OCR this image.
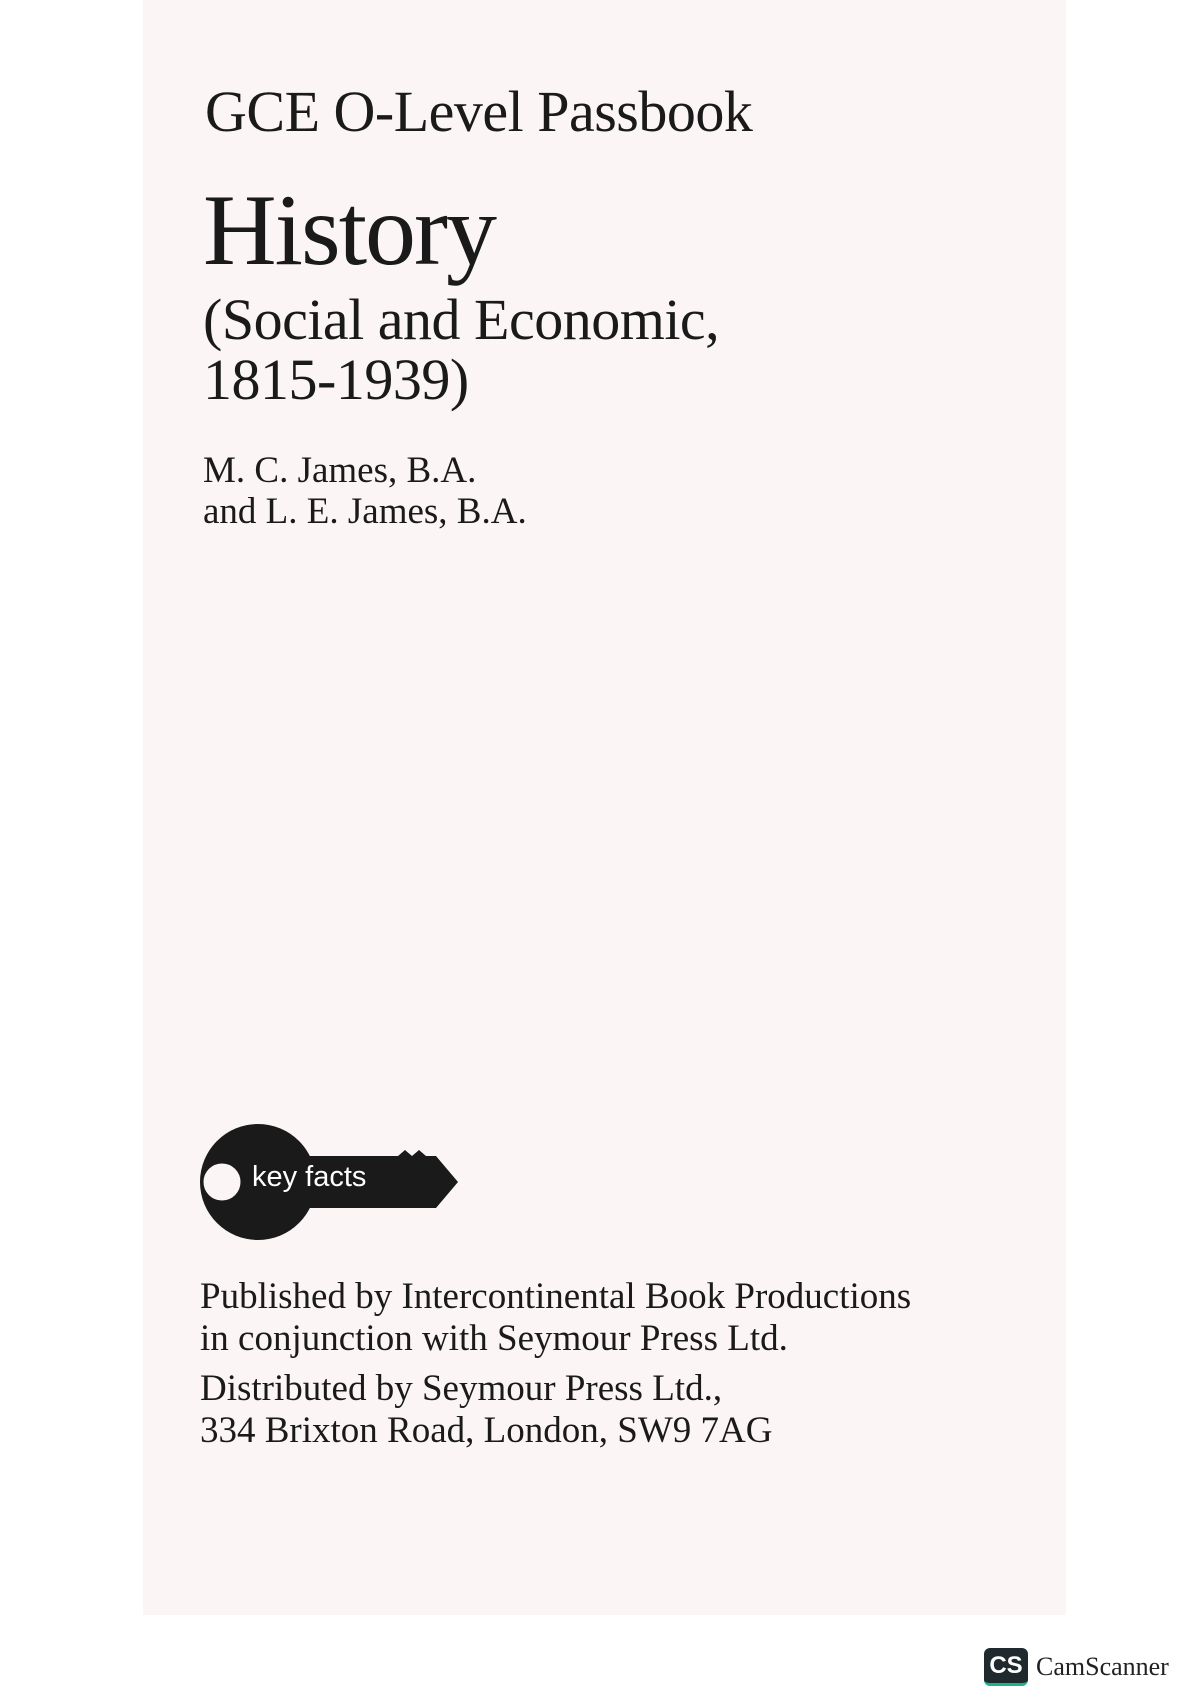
GCE O-Level Passbook
History
(Social and Economic,
1815-1939)
M. C. James, B.A.
and L. E. James, B.A.
key facts
Published by Intercontinental Book Productions
in conjunction with Seymour Press Ltd.
Distributed by Seymour Press Ltd.,
334 Brixton Road, London, SW9 7AG
CS CamScanner
